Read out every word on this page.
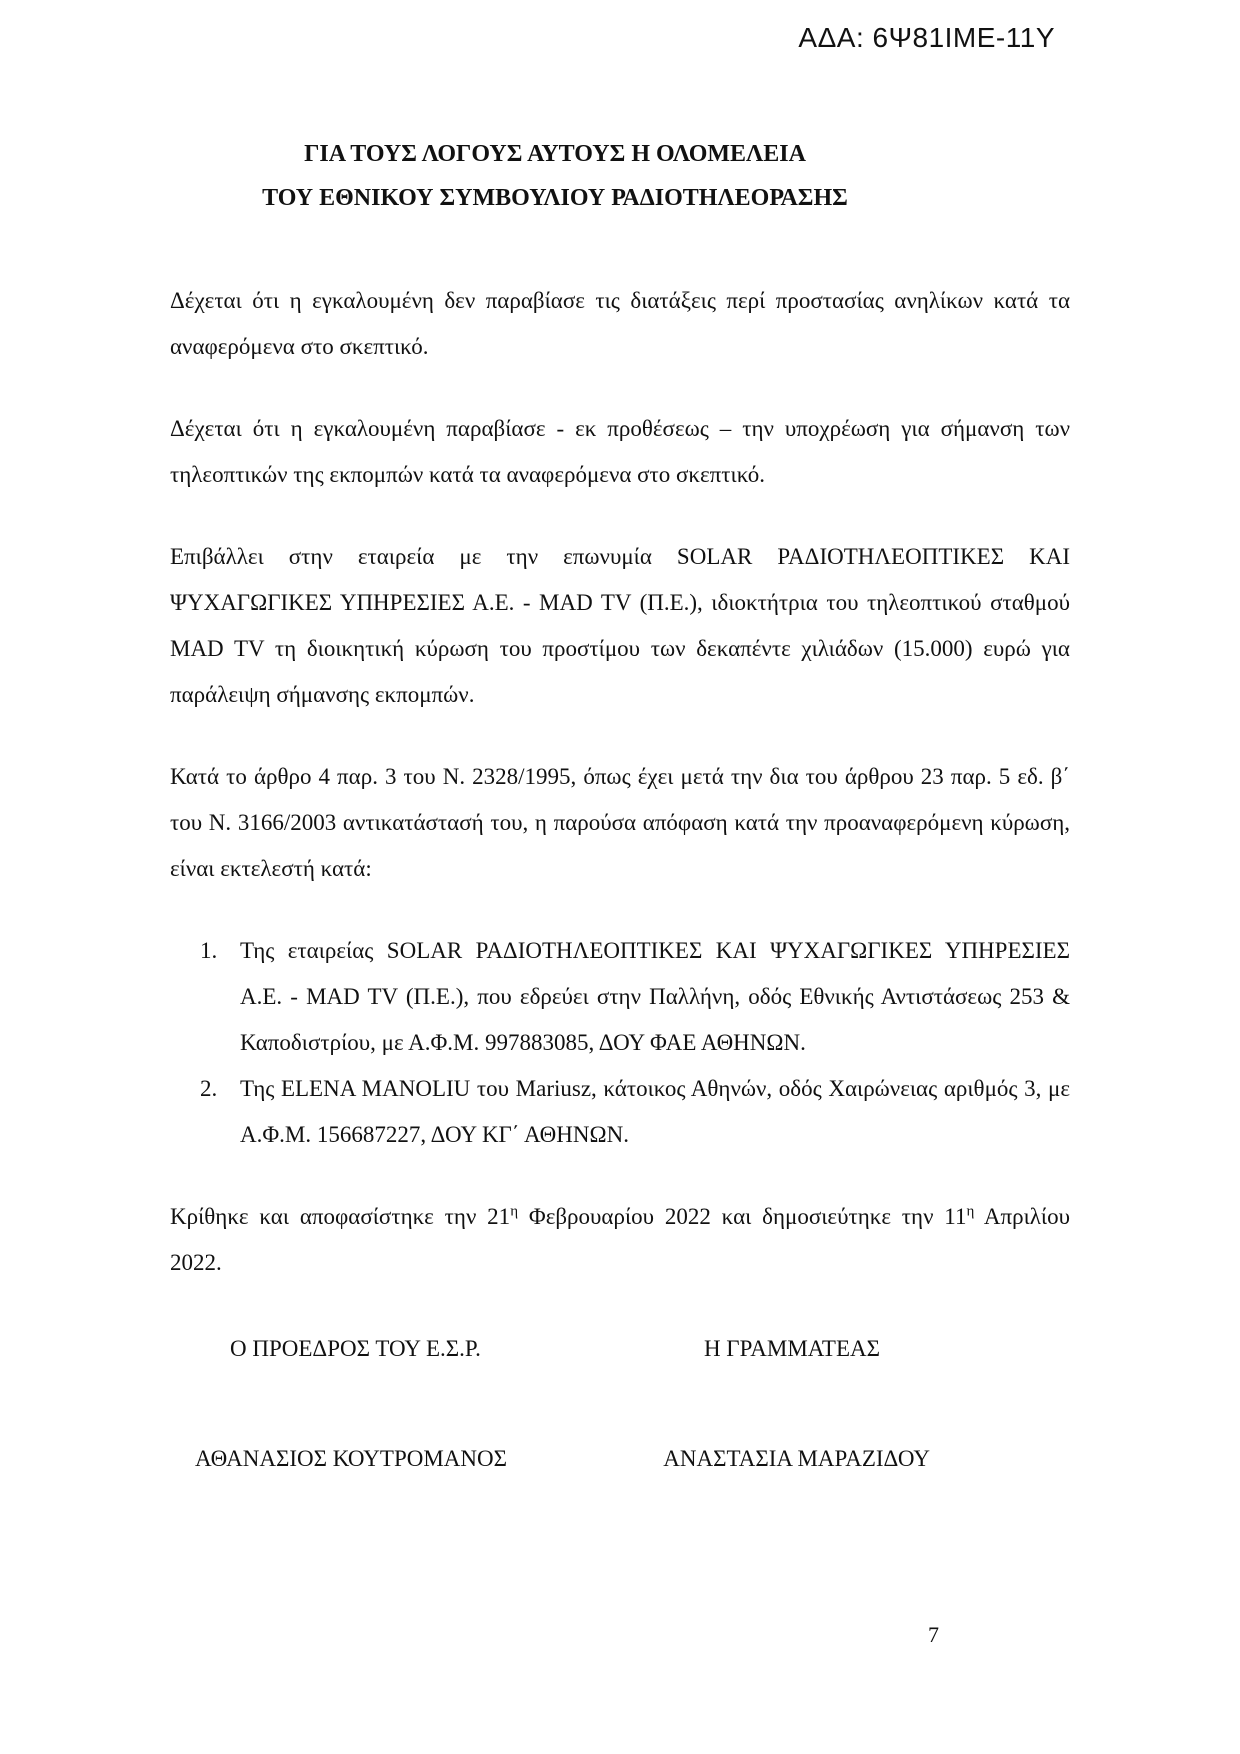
ΑΔΑ: 6Ψ81ΙΜΕ-11Υ
ΓΙΑ ΤΟΥΣ ΛΟΓΟΥΣ ΑΥΤΟΥΣ Η ΟΛΟΜΕΛΕΙΑ
ΤΟΥ ΕΘΝΙΚΟΥ ΣΥΜΒΟΥΛΙΟΥ ΡΑΔΙΟΤΗΛΕΟΡΑΣΗΣ

Δέχεται ότι η εγκαλουμένη δεν παραβίασε τις διατάξεις περί προστασίας ανηλίκων κατά τα αναφερόμενα στο σκεπτικό.

Δέχεται ότι η εγκαλουμένη παραβίασε - εκ προθέσεως – την υποχρέωση για σήμανση των τηλεοπτικών της εκπομπών κατά τα αναφερόμενα στο σκεπτικό.

Επιβάλλει στην εταιρεία με την επωνυμία SOLAR ΡΑΔΙΟΤΗΛΕΟΠΤΙΚΕΣ ΚΑΙ ΨΥΧΑΓΩΓΙΚΕΣ ΥΠΗΡΕΣΙΕΣ Α.Ε. - MAD TV (Π.Ε.), ιδιοκτήτρια του τηλεοπτικού σταθμού MAD TV τη διοικητική κύρωση του προστίμου των δεκαπέντε χιλιάδων (15.000) ευρώ για παράλειψη σήμανσης εκπομπών.

Κατά το άρθρο 4 παρ. 3 του Ν. 2328/1995, όπως έχει μετά την δια του άρθρου 23 παρ. 5 εδ. β΄ του Ν. 3166/2003 αντικατάστασή του, η παρούσα απόφαση κατά την προαναφερόμενη κύρωση, είναι εκτελεστή κατά:

1. Της εταιρείας SOLAR ΡΑΔΙΟΤΗΛΕΟΠΤΙΚΕΣ ΚΑΙ ΨΥΧΑΓΩΓΙΚΕΣ ΥΠΗΡΕΣΙΕΣ Α.Ε. - MAD TV (Π.Ε.), που εδρεύει στην Παλλήνη, οδός Εθνικής Αντιστάσεως 253 & Καποδιστρίου, με Α.Φ.Μ. 997883085, ΔΟΥ ΦΑΕ ΑΘΗΝΩΝ.
2. Της ELENA MANOLIU του Mariusz, κάτοικος Αθηνών, οδός Χαιρώνειας αριθμός 3, με Α.Φ.Μ. 156687227, ΔΟΥ ΚΓ΄ ΑΘΗΝΩΝ.

Κρίθηκε και αποφασίστηκε την $21^\eta$ Φεβρουαρίου 2022 και δημοσιεύτηκε την $11^\eta$ Απριλίου 2022.

Ο ΠΡΟΕΔΡΟΣ ΤΟΥ Ε.Σ.Ρ.	Η ΓΡΑΜΜΑΤΕΑΣ
ΑΘΑΝΑΣΙΟΣ ΚΟΥΤΡΟΜΑΝΟΣ	ΑΝΑΣΤΑΣΙΑ ΜΑΡΑΖΙΔΟΥ
7
